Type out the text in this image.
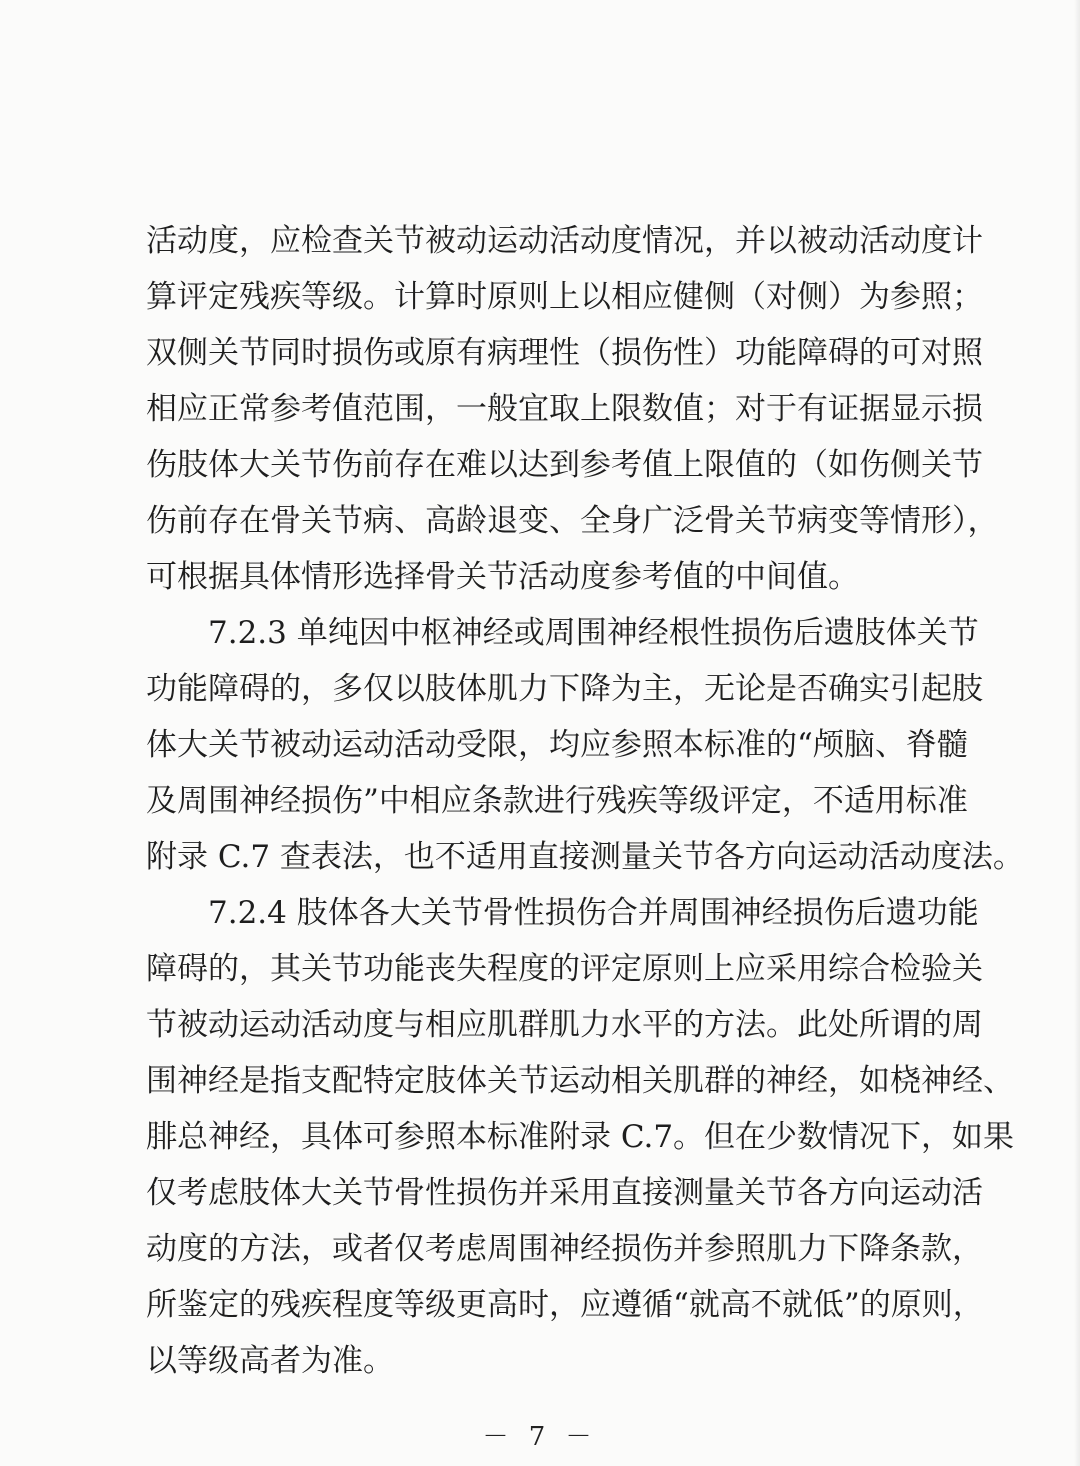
活动度，应检查关节被动运动活动度情况，并以被动活动度计
算评定残疾等级。计算时原则上以相应健侧（对侧）为参照；
双侧关节同时损伤或原有病理性（损伤性）功能障碍的可对照
相应正常参考值范围，一般宜取上限数值；对于有证据显示损
伤肢体大关节伤前存在难以达到参考值上限值的（如伤侧关节
伤前存在骨关节病、高龄退变、全身广泛骨关节病变等情形），
可根据具体情形选择骨关节活动度参考值的中间值。
7.2.3 单纯因中枢神经或周围神经根性损伤后遗肢体关节
功能障碍的，多仅以肢体肌力下降为主，无论是否确实引起肢
体大关节被动运动活动受限，均应参照本标准的“颅脑、脊髓
及周围神经损伤”中相应条款进行残疾等级评定，不适用标准
附录 C.7 查表法，也不适用直接测量关节各方向运动活动度法。
7.2.4 肢体各大关节骨性损伤合并周围神经损伤后遗功能
障碍的，其关节功能丧失程度的评定原则上应采用综合检验关
节被动运动活动度与相应肌群肌力水平的方法。此处所谓的周
围神经是指支配特定肢体关节运动相关肌群的神经，如桡神经、
腓总神经，具体可参照本标准附录 C.7。但在少数情况下，如果
仅考虑肢体大关节骨性损伤并采用直接测量关节各方向运动活
动度的方法，或者仅考虑周围神经损伤并参照肌力下降条款，
所鉴定的残疾程度等级更高时，应遵循“就高不就低”的原则，
以等级高者为准。
－ 7 －
